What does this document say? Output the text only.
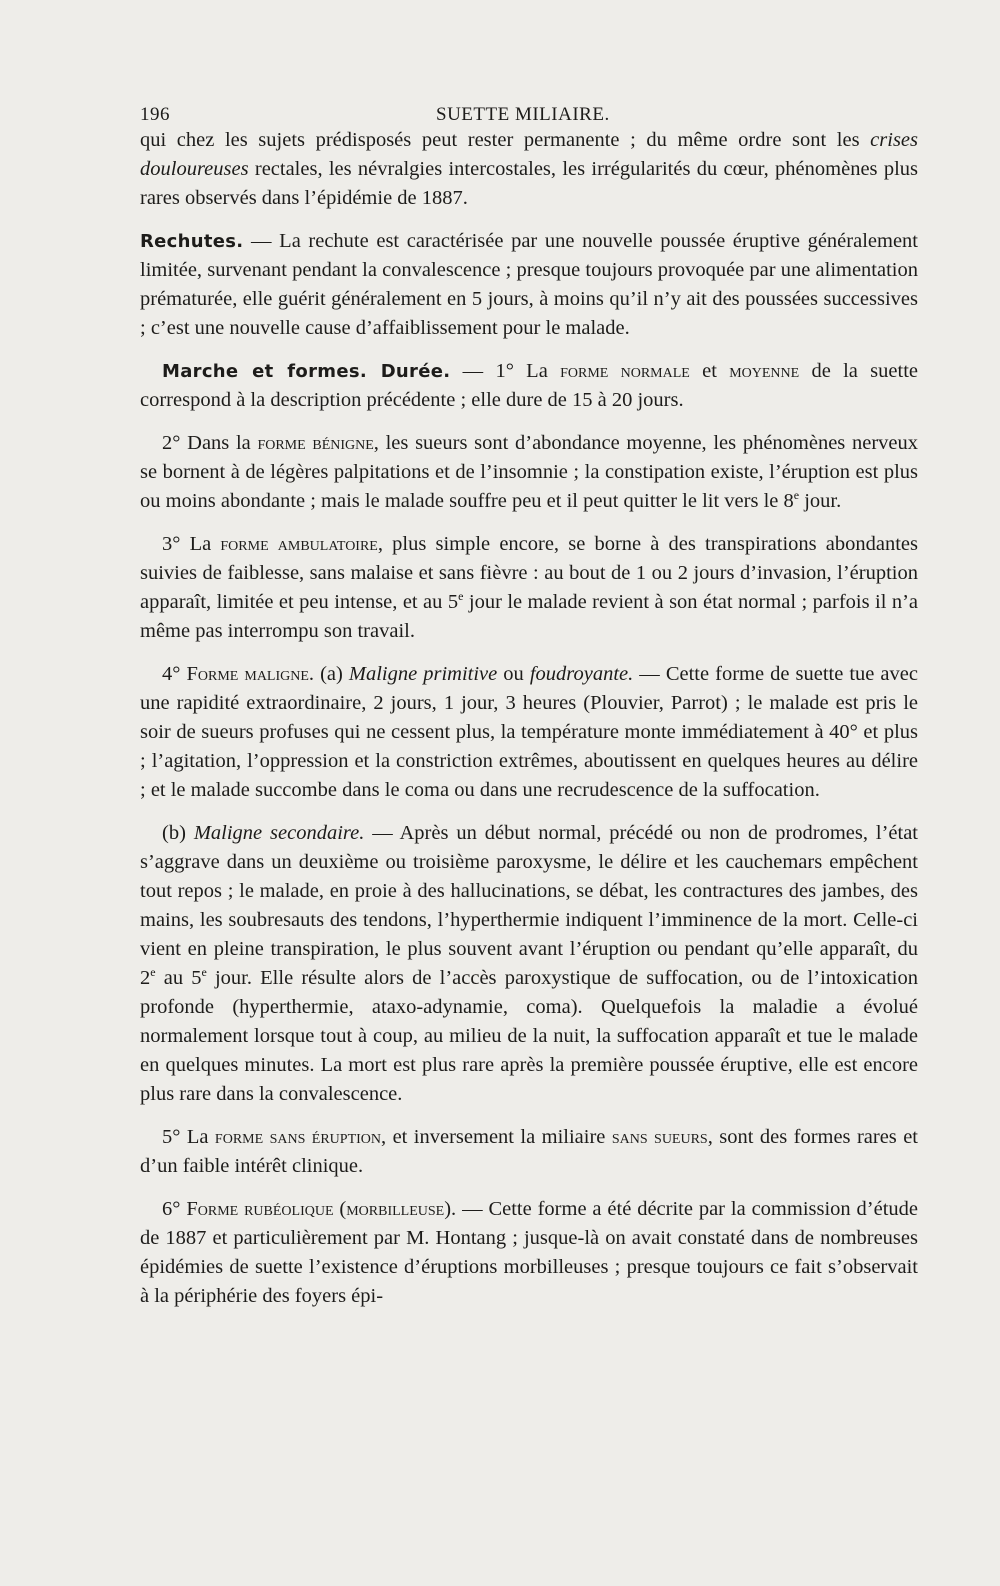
196	SUETTE MILIAIRE.

qui chez les sujets prédisposés peut rester permanente ; du même ordre sont les crises douloureuses rectales, les névralgies intercostales, les irrégularités du cœur, phénomènes plus rares observés dans l’épidémie de 1887.

Rechutes. — La rechute est caractérisée par une nouvelle poussée éruptive généralement limitée, survenant pendant la convalescence ; presque toujours provoquée par une alimentation prématurée, elle guérit généralement en 5 jours, à moins qu’il n’y ait des poussées successives ; c’est une nouvelle cause d’affaiblissement pour le malade.

Marche et formes. Durée. — 1° La forme normale et moyenne de la suette correspond à la description précédente ; elle dure de 15 à 20 jours.

2° Dans la forme bénigne, les sueurs sont d’abondance moyenne, les phénomènes nerveux se bornent à de légères palpitations et de l’insomnie ; la constipation existe, l’éruption est plus ou moins abondante ; mais le malade souffre peu et il peut quitter le lit vers le 8e jour.

3° La forme ambulatoire, plus simple encore, se borne à des transpirations abondantes suivies de faiblesse, sans malaise et sans fièvre : au bout de 1 ou 2 jours d’invasion, l’éruption apparaît, limitée et peu intense, et au 5e jour le malade revient à son état normal ; parfois il n’a même pas interrompu son travail.

4° Forme maligne. (a) Maligne primitive ou foudroyante. — Cette forme de suette tue avec une rapidité extraordinaire, 2 jours, 1 jour, 3 heures (Plouvier, Parrot) ; le malade est pris le soir de sueurs profuses qui ne cessent plus, la température monte immédiatement à 40° et plus ; l’agitation, l’oppression et la constriction extrêmes, aboutissent en quelques heures au délire ; et le malade succombe dans le coma ou dans une recrudescence de la suffocation.

(b) Maligne secondaire. — Après un début normal, précédé ou non de prodromes, l’état s’aggrave dans un deuxième ou troisième paroxysme, le délire et les cauchemars empêchent tout repos ; le malade, en proie à des hallucinations, se débat, les contractures des jambes, des mains, les soubresauts des tendons, l’hyperthermie indiquent l’imminence de la mort. Celle-ci vient en pleine transpiration, le plus souvent avant l’éruption ou pendant qu’elle apparaît, du 2e au 5e jour. Elle résulte alors de l’accès paroxystique de suffocation, ou de l’intoxication profonde (hyperthermie, ataxo-adynamie, coma). Quelquefois la maladie a évolué normalement lorsque tout à coup, au milieu de la nuit, la suffocation apparaît et tue le malade en quelques minutes. La mort est plus rare après la première poussée éruptive, elle est encore plus rare dans la convalescence.

5° La forme sans éruption, et inversement la miliaire sans sueurs, sont des formes rares et d’un faible intérêt clinique.

6° Forme rubéolique (morbilleuse). — Cette forme a été décrite par la commission d’étude de 1887 et particulièrement par M. Hontang ; jusque-là on avait constaté dans de nombreuses épidémies de suette l’existence d’éruptions morbilleuses ; presque toujours ce fait s’observait à la périphérie des foyers épi-
